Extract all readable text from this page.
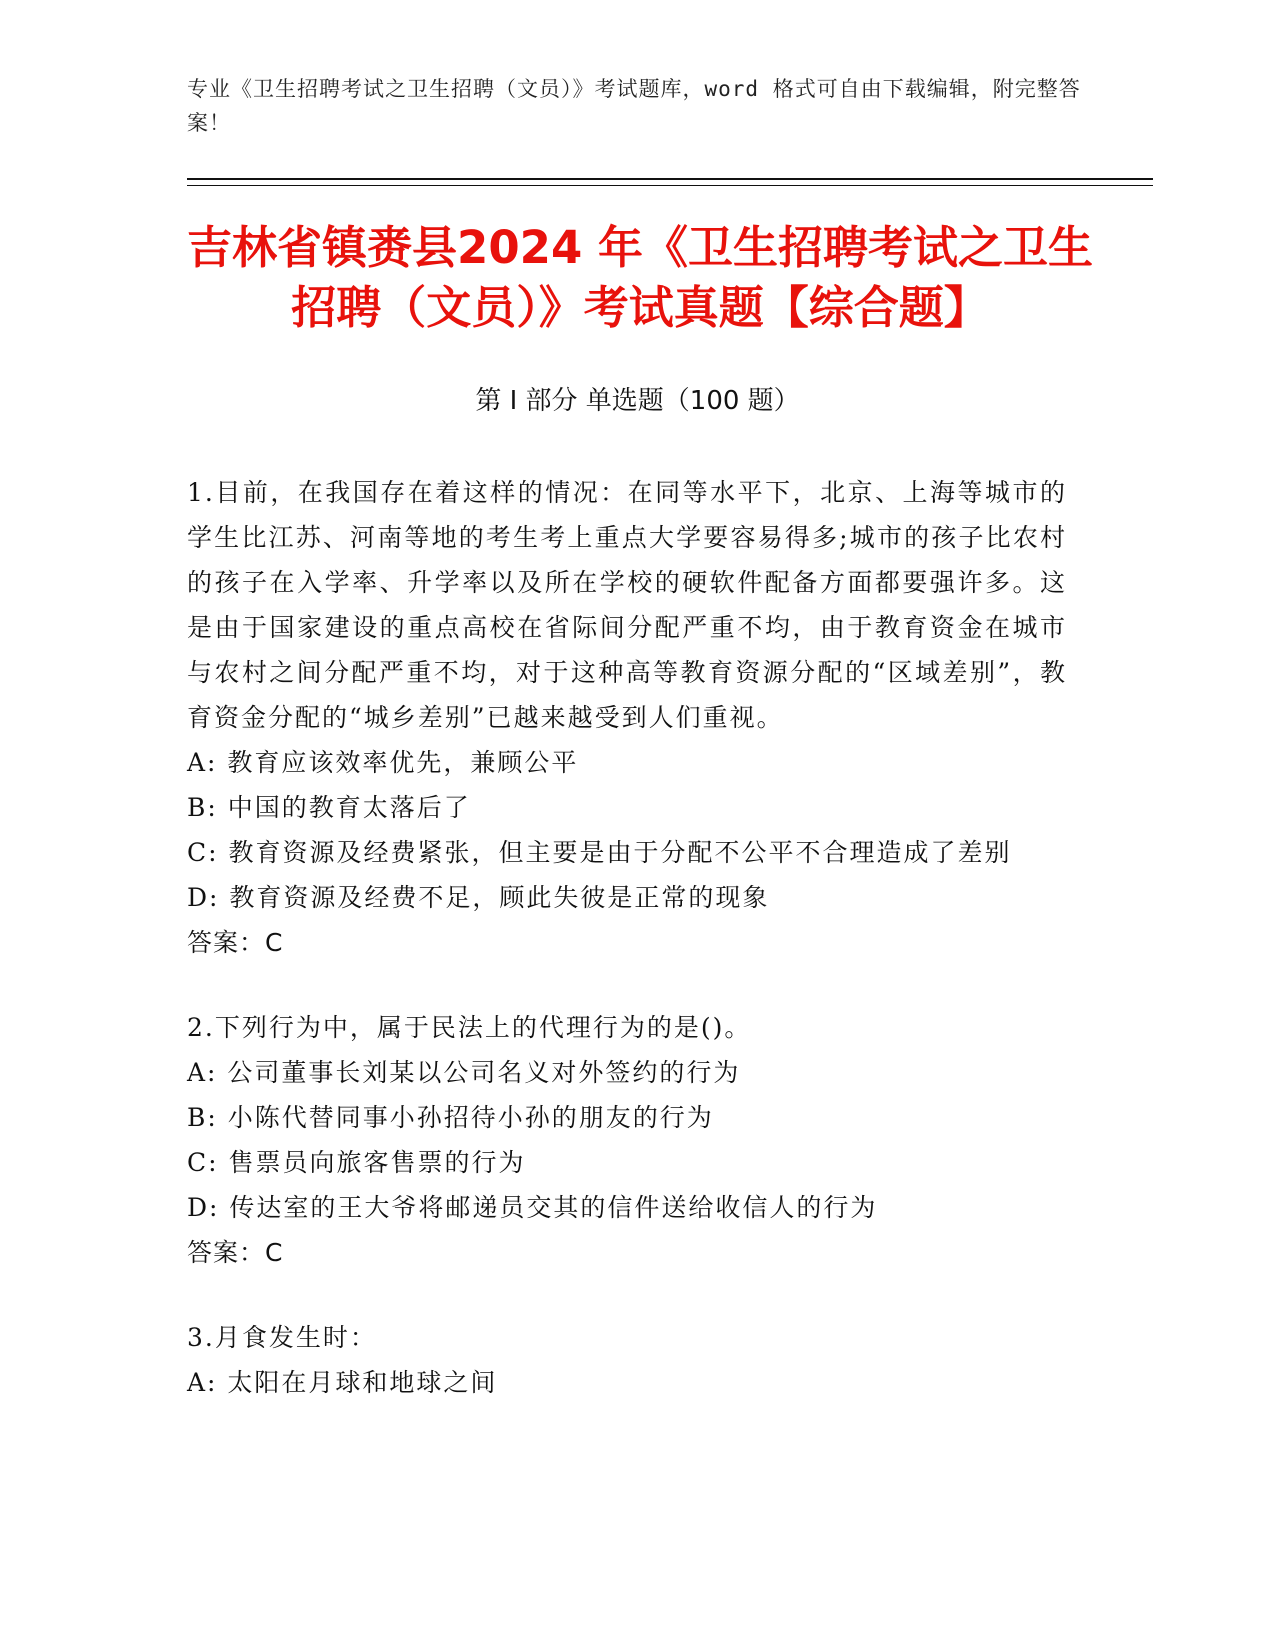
专业《卫生招聘考试之卫生招聘（文员）》考试题库，word 格式可自由下载编辑，附完整答案！
吉林省镇赉县2024 年《卫生招聘考试之卫生招聘（文员）》考试真题【综合题】
第 I 部分 单选题（100 题）
1.目前，在我国存在着这样的情况：在同等水平下，北京、上海等城市的学生比江苏、河南等地的考生考上重点大学要容易得多;城市的孩子比农村的孩子在入学率、升学率以及所在学校的硬软件配备方面都要强许多。这是由于国家建设的重点高校在省际间分配严重不均，由于教育资金在城市与农村之间分配严重不均，对于这种高等教育资源分配的“区域差别”，教育资金分配的“城乡差别”已越来越受到人们重视。
A: 教育应该效率优先，兼顾公平
B: 中国的教育太落后了
C: 教育资源及经费紧张，但主要是由于分配不公平不合理造成了差别
D: 教育资源及经费不足，顾此失彼是正常的现象
答案：C
2.下列行为中，属于民法上的代理行为的是()。
A: 公司董事长刘某以公司名义对外签约的行为
B: 小陈代替同事小孙招待小孙的朋友的行为
C: 售票员向旅客售票的行为
D: 传达室的王大爷将邮递员交其的信件送给收信人的行为
答案：C
3.月食发生时：
A: 太阳在月球和地球之间
